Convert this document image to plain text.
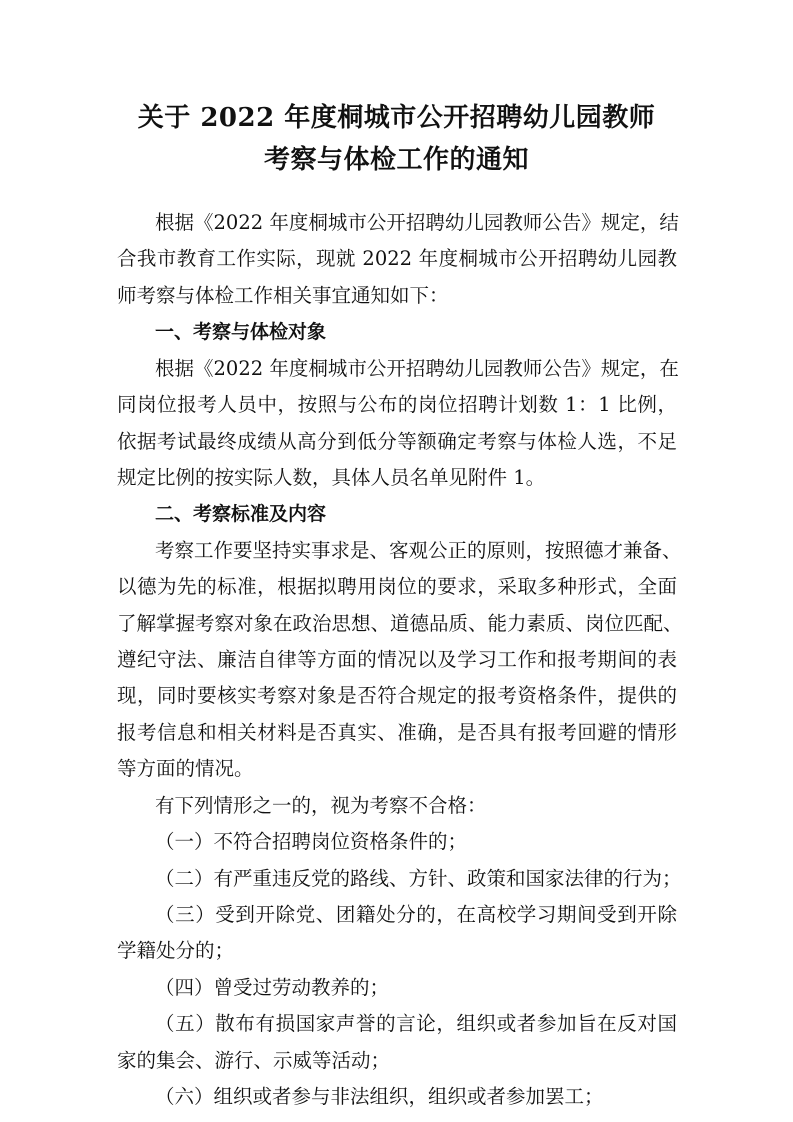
关于 2022 年度桐城市公开招聘幼儿园教师
考察与体检工作的通知
根据《2022 年度桐城市公开招聘幼儿园教师公告》规定，结
合我市教育工作实际，现就 2022 年度桐城市公开招聘幼儿园教
师考察与体检工作相关事宜通知如下：
一、考察与体检对象
根据《2022 年度桐城市公开招聘幼儿园教师公告》规定，在
同岗位报考人员中，按照与公布的岗位招聘计划数 1：1 比例，
依据考试最终成绩从高分到低分等额确定考察与体检人选，不足
规定比例的按实际人数，具体人员名单见附件 1。
二、考察标准及内容
考察工作要坚持实事求是、客观公正的原则，按照德才兼备、
以德为先的标准，根据拟聘用岗位的要求，采取多种形式，全面
了解掌握考察对象在政治思想、道德品质、能力素质、岗位匹配、
遵纪守法、廉洁自律等方面的情况以及学习工作和报考期间的表
现，同时要核实考察对象是否符合规定的报考资格条件，提供的
报考信息和相关材料是否真实、准确，是否具有报考回避的情形
等方面的情况。
有下列情形之一的，视为考察不合格：
（一）不符合招聘岗位资格条件的；
（二）有严重违反党的路线、方针、政策和国家法律的行为；
（三）受到开除党、团籍处分的，在高校学习期间受到开除
学籍处分的；
（四）曾受过劳动教养的；
（五）散布有损国家声誉的言论，组织或者参加旨在反对国
家的集会、游行、示威等活动；
（六）组织或者参与非法组织，组织或者参加罢工；
